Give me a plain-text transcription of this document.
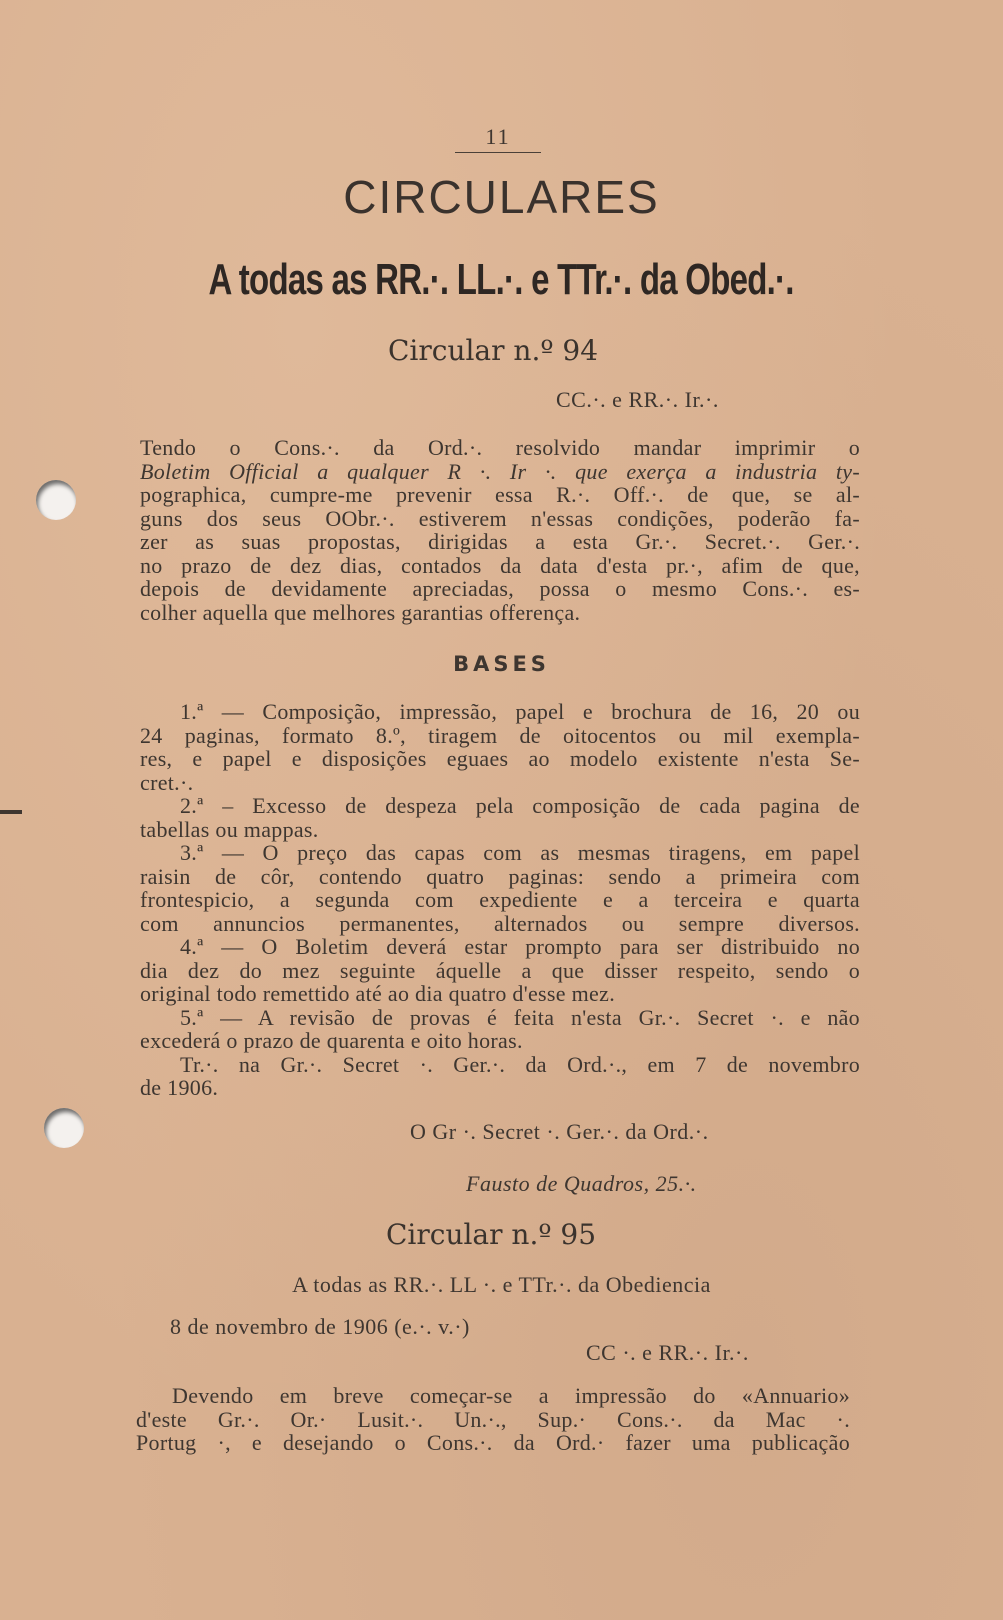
11
CIRCULARES
A todas as RR.·. LL.·. e TTr.·. da Obed.·.
Circular n.º 94
CC.·. e RR.·. Ir.·.
Tendo o Cons.·. da Ord.·. resolvido mandar imprimir o
Boletim Official a qualquer R ·. Ir ·. que exerça a industria ty-
pographica, cumpre-me prevenir essa R.·. Off.·. de que, se al-
guns dos seus OObr.·. estiverem n'essas condições, poderão fa-
zer as suas propostas, dirigidas a esta Gr.·. Secret.·. Ger.·.
no prazo de dez dias, contados da data d'esta pr.·, afim de que,
depois de devidamente apreciadas, possa o mesmo Cons.·. es-
colher aquella que melhores garantias offerença.
BASES
1.ª — Composição, impressão, papel e brochura de 16, 20 ou
24 paginas, formato 8.º, tiragem de oitocentos ou mil exempla-
res, e papel e disposições eguaes ao modelo existente n'esta Se-
cret.·.
2.ª – Excesso de despeza pela composição de cada pagina de
tabellas ou mappas.
3.ª — O preço das capas com as mesmas tiragens, em papel
raisin de côr, contendo quatro paginas: sendo a primeira com
frontespicio, a segunda com expediente e a terceira e quarta
com annuncios permanentes, alternados ou sempre diversos.
4.ª — O Boletim deverá estar prompto para ser distribuido no
dia dez do mez seguinte áquelle a que disser respeito, sendo o
original todo remettido até ao dia quatro d'esse mez.
5.ª — A revisão de provas é feita n'esta Gr.·. Secret ·. e não
excederá o prazo de quarenta e oito horas.
Tr.·. na Gr.·. Secret ·. Ger.·. da Ord.·., em 7 de novembro
de 1906.
O Gr ·. Secret ·. Ger.·. da Ord.·.
Fausto de Quadros, 25.·.
Circular n.º 95
A todas as RR.·. LL ·. e TTr.·. da Obediencia
8 de novembro de 1906 (e.·. v.·)
CC ·. e RR.·. Ir.·.
Devendo em breve começar-se a impressão do «Annuario»
d'este Gr.·. Or.· Lusit.·. Un.·., Sup.· Cons.·. da Mac ·.
Portug ·, e desejando o Cons.·. da Ord.· fazer uma publicação
